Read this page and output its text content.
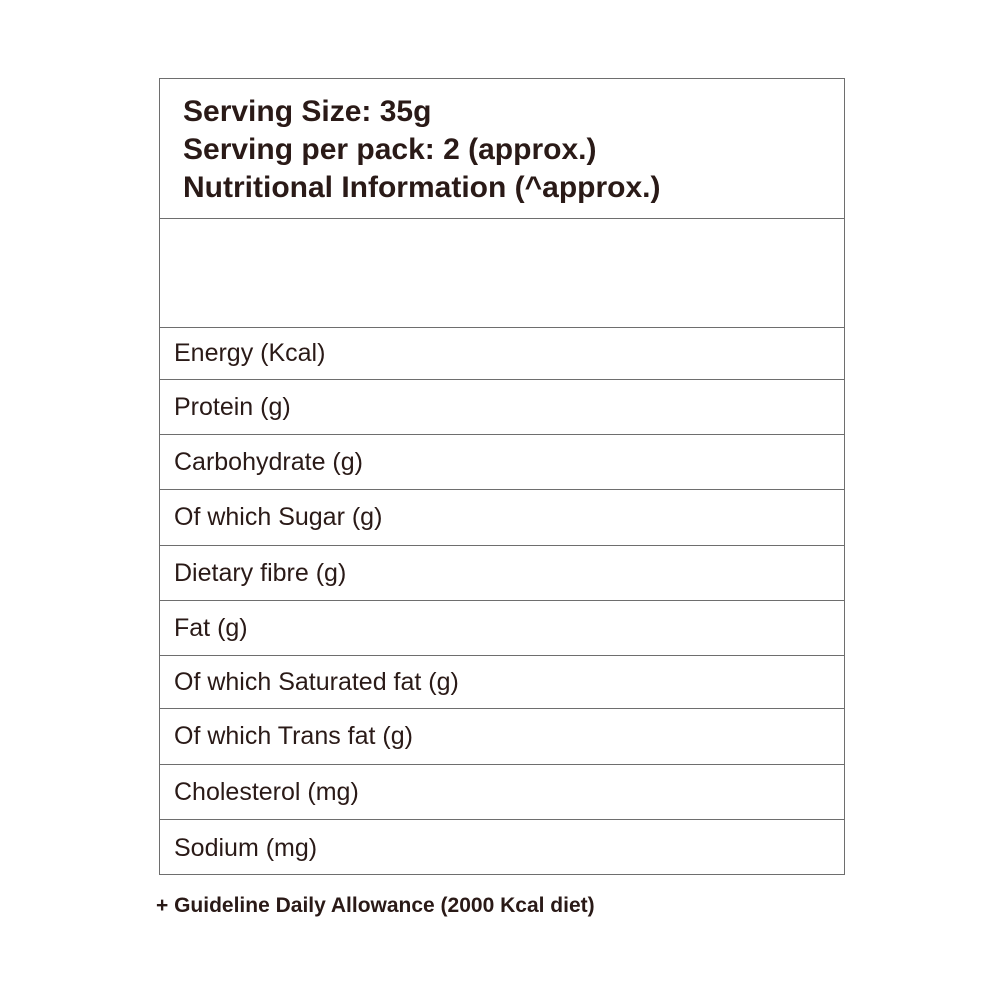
Serving Size: 35g
Serving per pack: 2 (approx.)
Nutritional Information (^approx.)
Energy (Kcal)
Protein (g)
Carbohydrate (g)
Of which Sugar (g)
Dietary fibre (g)
Fat (g)
Of which Saturated fat (g)
Of which Trans fat (g)
Cholesterol (mg)
Sodium (mg)
+ Guideline Daily Allowance (2000 Kcal diet)
